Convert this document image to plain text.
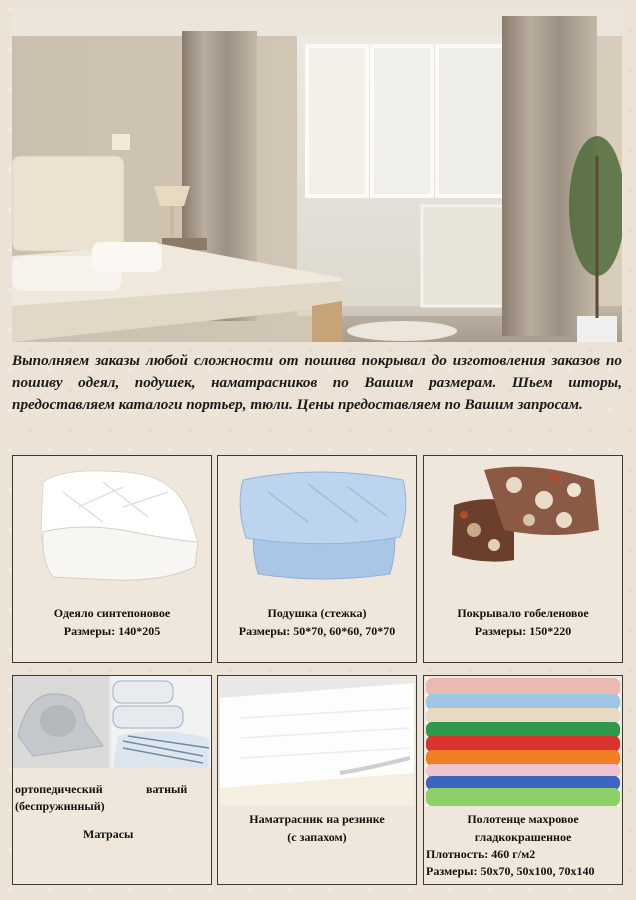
Выполняем заказы любой сложности от пошива покрывал до изготовления заказов по пошиву одеял, подушек, наматрасников по Вашим размерам. Шьем шторы, предоставляем каталоги портьер, тюли. Цены предоставляем по Вашим запросам.
Одеяло синтепоновое
Размеры: 140*205
Подушка (стежка)
Размеры: 50*70, 60*60, 70*70
Покрывало гобеленовое
Размеры: 150*220
ортопедический	ватный
(беспружинный)
Матрасы
Наматрасник на резинке
(с запахом)
Полотенце махровое
гладкокрашенное
Плотность: 460 г/м2
Размеры: 50х70, 50х100, 70х140
